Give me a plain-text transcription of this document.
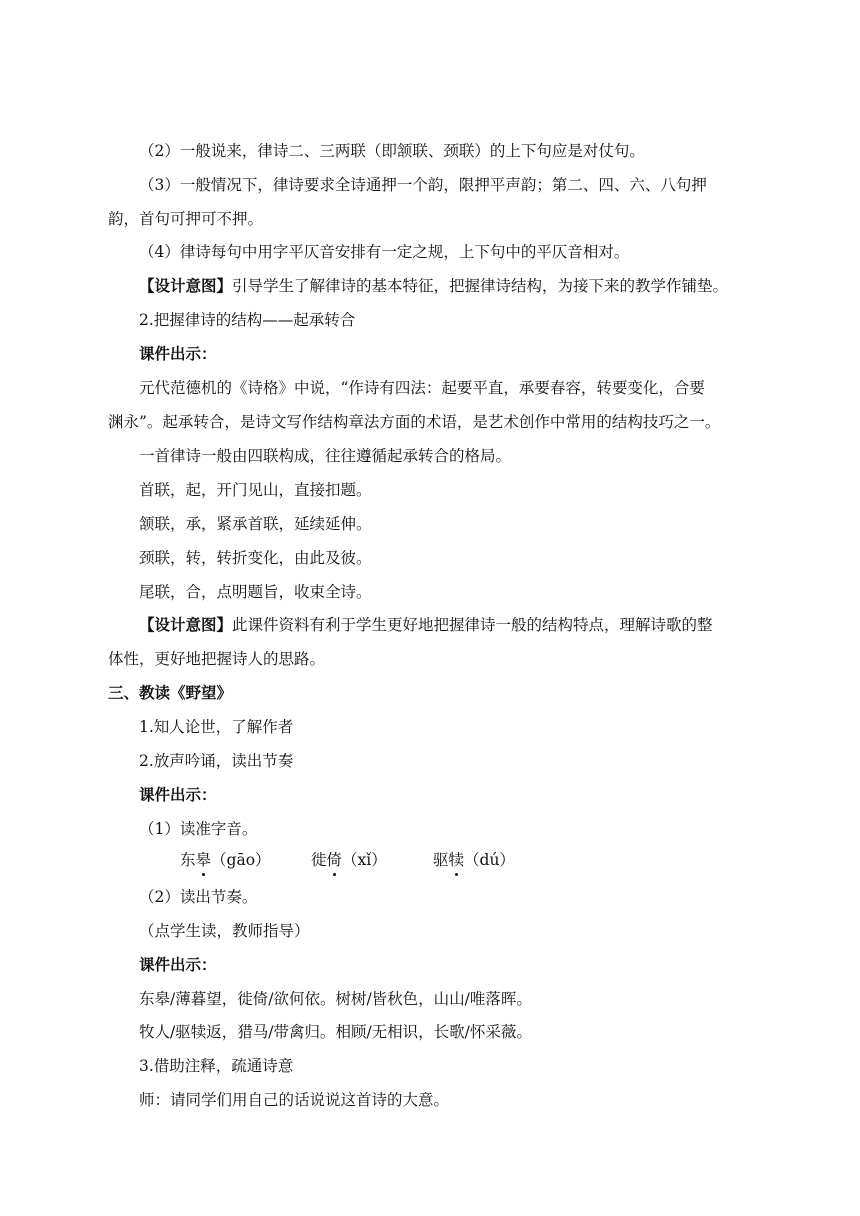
（2）一般说来，律诗二、三两联（即颔联、颈联）的上下句应是对仗句。
（3）一般情况下，律诗要求全诗通押一个韵，限押平声韵；第二、四、六、八句押
韵，首句可押可不押。
（4）律诗每句中用字平仄音安排有一定之规，上下句中的平仄音相对。
【设计意图】引导学生了解律诗的基本特征，把握律诗结构，为接下来的教学作铺垫。
2.把握律诗的结构——起承转合
课件出示：
元代范德机的《诗格》中说，“作诗有四法：起要平直，承要春容，转要变化，合要
渊永”。起承转合，是诗文写作结构章法方面的术语，是艺术创作中常用的结构技巧之一。
一首律诗一般由四联构成，往往遵循起承转合的格局。
首联，起，开门见山，直接扣题。
颔联，承，紧承首联，延续延伸。
颈联，转，转折变化，由此及彼。
尾联，合，点明题旨，收束全诗。
【设计意图】此课件资料有利于学生更好地把握律诗一般的结构特点，理解诗歌的整
体性，更好地把握诗人的思路。
三、教读《野望》
1.知人论世，了解作者
2.放声吟诵，读出节奏
课件出示：
（1）读准字音。
东皋（gāo）	徙倚（xǐ）	驱犊（dú）
（2）读出节奏。
（点学生读，教师指导）
课件出示：
东皋/薄暮望，徙倚/欲何依。树树/皆秋色，山山/唯落晖。
牧人/驱犊返，猎马/带禽归。相顾/无相识，长歌/怀采薇。
3.借助注释，疏通诗意
师：请同学们用自己的话说说这首诗的大意。
